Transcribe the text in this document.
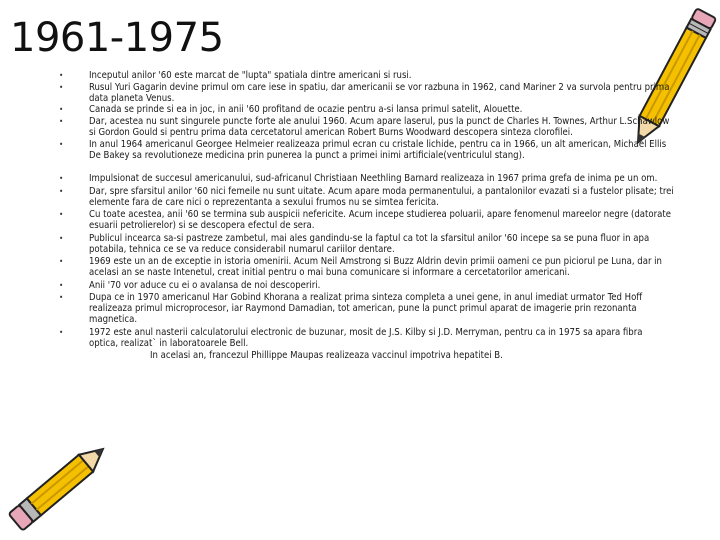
1961-1975
•	Inceputul anilor '60 este marcat de "lupta" spatiala dintre americani si rusi.
•	Rusul Yuri Gagarin devine primul om care iese in spatiu, dar americanii se vor razbuna in 1962, cand Mariner 2 va survola pentru prima data planeta Venus.
•	Canada se prinde si ea in joc, in anii '60 profitand de ocazie pentru a-si lansa primul satelit, Alouette.
•	Dar, acestea nu sunt singurele puncte forte ale anului 1960. Acum apare laserul, pus la punct de Charles H. Townes, Arthur L.Schawlow si Gordon Gould si pentru prima data cercetatorul american Robert Burns Woodward descopera sinteza clorofilei.
•	In anul 1964 americanul Georgee Helmeier realizeaza primul ecran cu cristale lichide, pentru ca in 1966, un alt american, Michael Ellis De Bakey sa revolutioneze medicina prin punerea la punct a primei inimi artificiale(ventriculul stang).
•	Impulsionat de succesul americanului, sud-africanul Christiaan Neethling Barnard realizeaza in 1967 prima grefa de inima pe un om.
•	Dar, spre sfarsitul anilor '60 nici femeile nu sunt uitate. Acum apare moda permanentului, a pantalonilor evazati si a fustelor plisate; trei elemente fara de care nici o reprezentanta a sexului frumos nu se simtea fericita.
•	Cu toate acestea, anii '60 se termina sub auspicii nefericite. Acum incepe studierea poluarii, apare fenomenul mareelor negre (datorate esuarii petrolierelor) si se descopera efectul de sera.
•	Publicul incearca sa-si pastreze zambetul, mai ales gandindu-se la faptul ca tot la sfarsitul anilor '60 incepe sa se puna fluor in apa potabila, tehnica ce se va reduce considerabil numarul cariilor dentare.
•	1969 este un an de exceptie in istoria omenirii. Acum Neil Amstrong si Buzz Aldrin devin primii oameni ce pun piciorul pe Luna, dar in acelasi an se naste Intenetul, creat initial pentru o mai buna comunicare si informare a cercetatorilor americani.
•	Anii '70 vor aduce cu ei o avalansa de noi descoperiri.
•	Dupa ce in 1970 americanul Har Gobind Khorana a realizat prima sinteza completa a unei gene, in anul imediat urmator Ted Hoff realizeaza primul microprocesor, iar Raymond Damadian, tot american, pune la punct primul aparat de imagerie prin rezonanta magnetica.
•	1972 este anul nasterii calculatorului electronic de buzunar, mosit de J.S. Kilby si J.D. Merryman, pentru ca in 1975 sa apara fibra optica, realizat` in laboratoarele Bell.
In acelasi an, francezul Phillippe Maupas realizeaza vaccinul impotriva hepatitei B.
